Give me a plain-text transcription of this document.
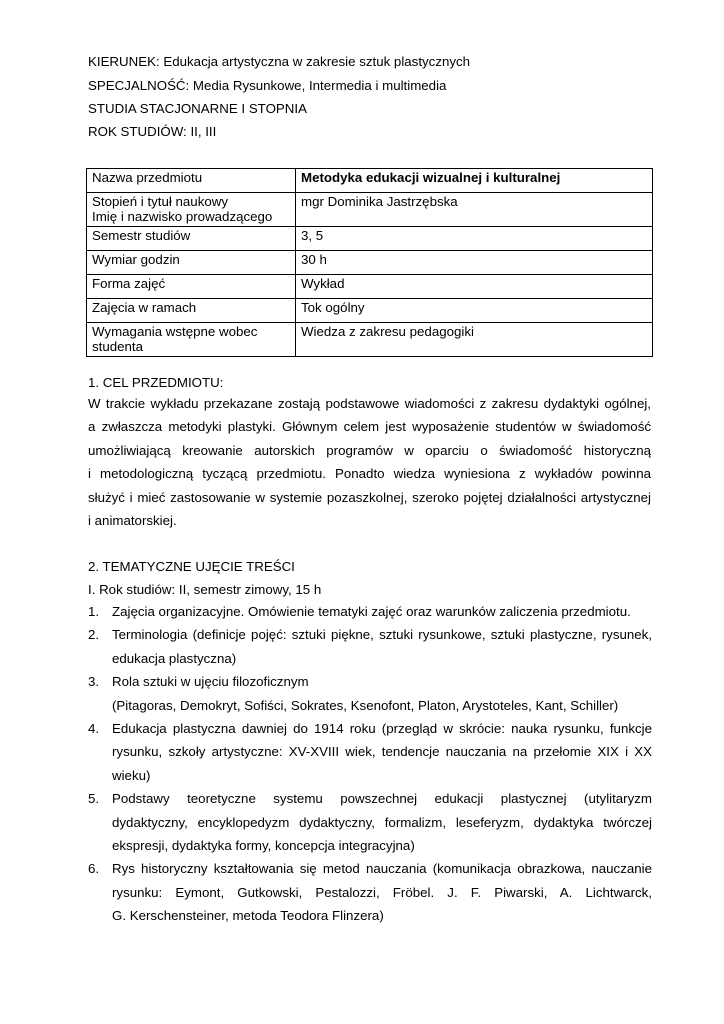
KIERUNEK: Edukacja artystyczna w zakresie sztuk plastycznych
SPECJALNOŚĆ: Media Rysunkowe, Intermedia i multimedia
STUDIA STACJONARNE I STOPNIA
ROK STUDIÓW: II, III
Nazwa przedmiotu	Metodyka edukacji wizualnej i kulturalnej

Stopień i tytuł naukowy
Imię i nazwisko prowadzącego	mgr Dominika Jastrzębska
Semestr studiów	3, 5
Wymiar godzin	30 h
Forma zajęć	Wykład
Zajęcia w ramach	Tok ogólny

Wymagania wstępne wobec
studenta	Wiedza z zakresu pedagogiki
1. CEL PRZEDMIOTU:
W trakcie wykładu przekazane zostają podstawowe wiadomości z zakresu dydaktyki ogólnej,
a zwłaszcza metodyki plastyki. Głównym celem jest wyposażenie studentów w świadomość
umożliwiającą kreowanie autorskich programów w oparciu o świadomość historyczną
i metodologiczną tyczącą przedmiotu. Ponadto wiedza wyniesiona z wykładów powinna
służyć i mieć zastosowanie w systemie pozaszkolnej, szeroko pojętej działalności artystycznej
i animatorskiej.
2. TEMATYCZNE UJĘCIE TREŚCI
I. Rok studiów: II, semestr zimowy, 15 h
1. Zajęcia organizacyjne. Omówienie tematyki zajęć oraz warunków zaliczenia przedmiotu.
2. Terminologia (definicje pojęć: sztuki piękne, sztuki rysunkowe, sztuki plastyczne, rysunek,
edukacja plastyczna)
3. Rola sztuki w ujęciu filozoficznym
(Pitagoras, Demokryt, Sofiści, Sokrates, Ksenofont, Platon, Arystoteles, Kant, Schiller)
4. Edukacja plastyczna dawniej do 1914 roku (przegląd w skrócie: nauka rysunku, funkcje
rysunku, szkoły artystyczne: XV-XVIII wiek, tendencje nauczania na przełomie XIX i XX
wieku)
5. Podstawy teoretyczne systemu powszechnej edukacji plastycznej (utylitaryzm
dydaktyczny, encyklopedyzm dydaktyczny, formalizm, leseferyzm, dydaktyka twórczej
ekspresji, dydaktyka formy, koncepcja integracyjna)
6. Rys historyczny kształtowania się metod nauczania (komunikacja obrazkowa, nauczanie
rysunku: Eymont, Gutkowski, Pestalozzi, Fröbel. J. F. Piwarski, A. Lichtwarck,
G. Kerschensteiner, metoda Teodora Flinzera)
